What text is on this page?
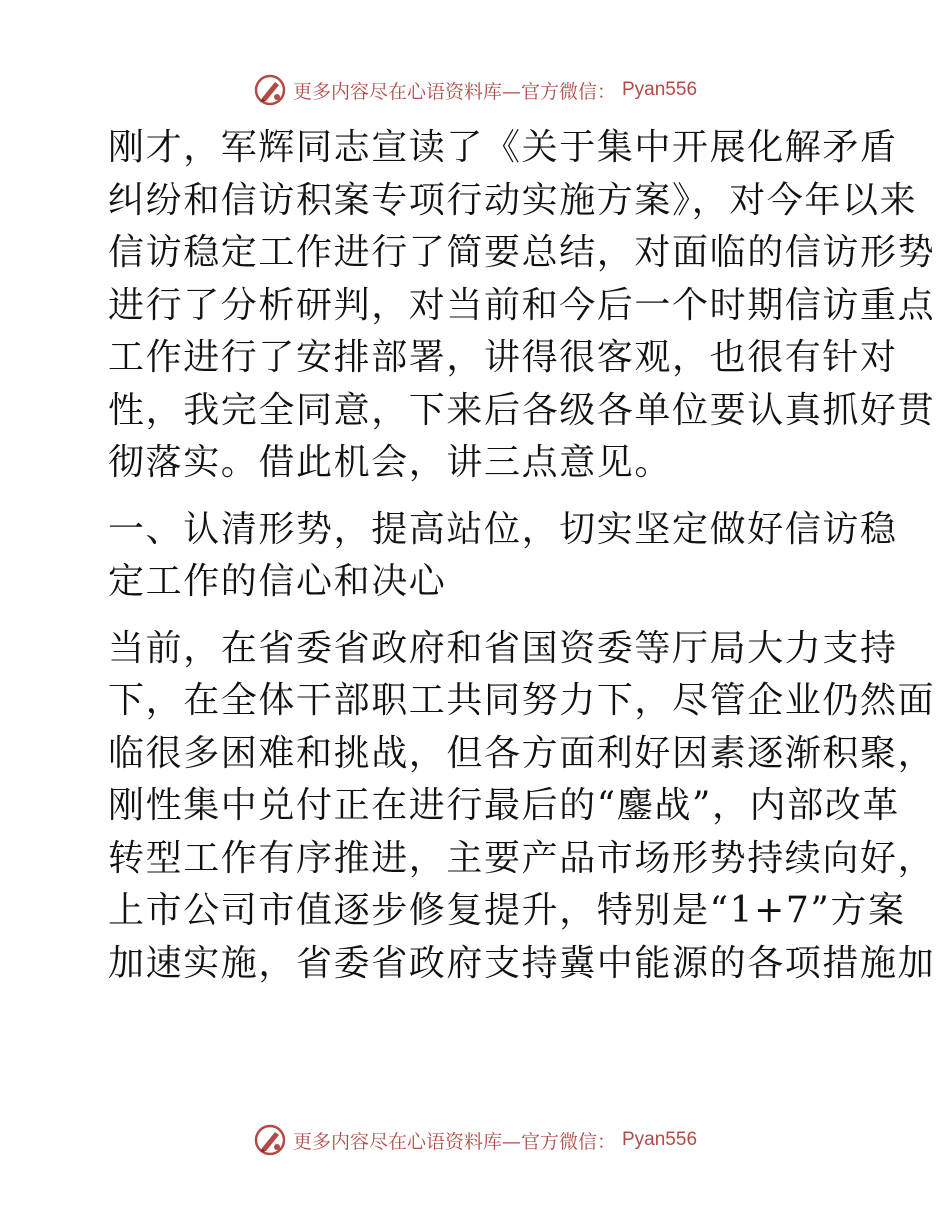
更多内容尽在心语资料库—官方微信： Pyan556

刚才，军辉同志宣读了《关于集中开展化解矛盾
纠纷和信访积案专项行动实施方案》，对今年以来
信访稳定工作进行了简要总结，对面临的信访形势
进行了分析研判，对当前和今后一个时期信访重点
工作进行了安排部署，讲得很客观，也很有针对
性，我完全同意，下来后各级各单位要认真抓好贯
彻落实。借此机会，讲三点意见。

一、认清形势，提高站位，切实坚定做好信访稳
定工作的信心和决心

当前，在省委省政府和省国资委等厅局大力支持
下，在全体干部职工共同努力下，尽管企业仍然面
临很多困难和挑战，但各方面利好因素逐渐积聚，
刚性集中兑付正在进行最后的“鏖战”，内部改革
转型工作有序推进，主要产品市场形势持续向好，
上市公司市值逐步修复提升，特别是“1+7”方案
加速实施，省委省政府支持冀中能源的各项措施加

更多内容尽在心语资料库—官方微信： Pyan556
